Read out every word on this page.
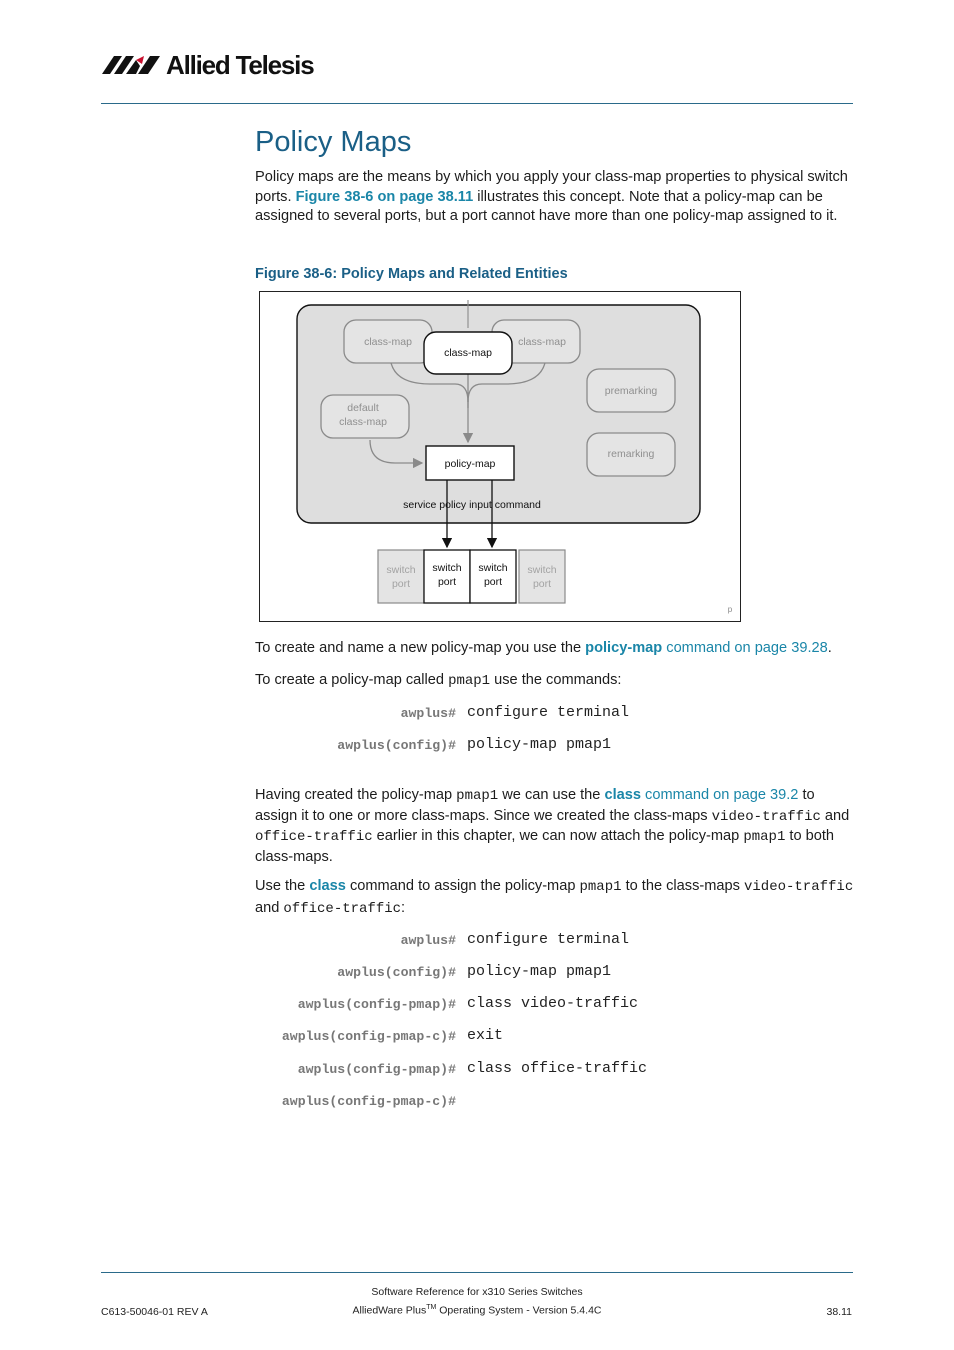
Allied Telesis
Policy Maps

Policy maps are the means by which you apply your class-map properties to physical switch ports. Figure 38-6 on page 38.11 illustrates this concept. Note that a policy-map can be assigned to several ports, but a port cannot have more than one policy-map assigned to it.

Figure 38-6: Policy Maps and Related Entities
class-map	class-map
class-map
default
class-map
premarking
remarking
policy-map
service policy input command
switch
port
switch
port
switch
port
switch
port
p

To create and name a new policy-map you use the policy-map command on page 39.28.

To create a policy-map called pmap1 use the commands:

awplus# configure terminal
awplus(config)# policy-map pmap1

Having created the policy-map pmap1 we can use the class command on page 39.2 to assign it to one or more class-maps. Since we created the class-maps video-traffic and office-traffic earlier in this chapter, we can now attach the policy-map pmap1 to both class-maps.

Use the class command to assign the policy-map pmap1 to the class-maps video-traffic and office-traffic:

awplus# configure terminal
awplus(config)# policy-map pmap1
awplus(config-pmap)# class video-traffic
awplus(config-pmap-c)# exit
awplus(config-pmap)# class office-traffic
awplus(config-pmap-c)#
Software Reference for x310 Series Switches
C613-50046-01 REV A	AlliedWare Plus™ Operating System - Version 5.4.4C	38.11
